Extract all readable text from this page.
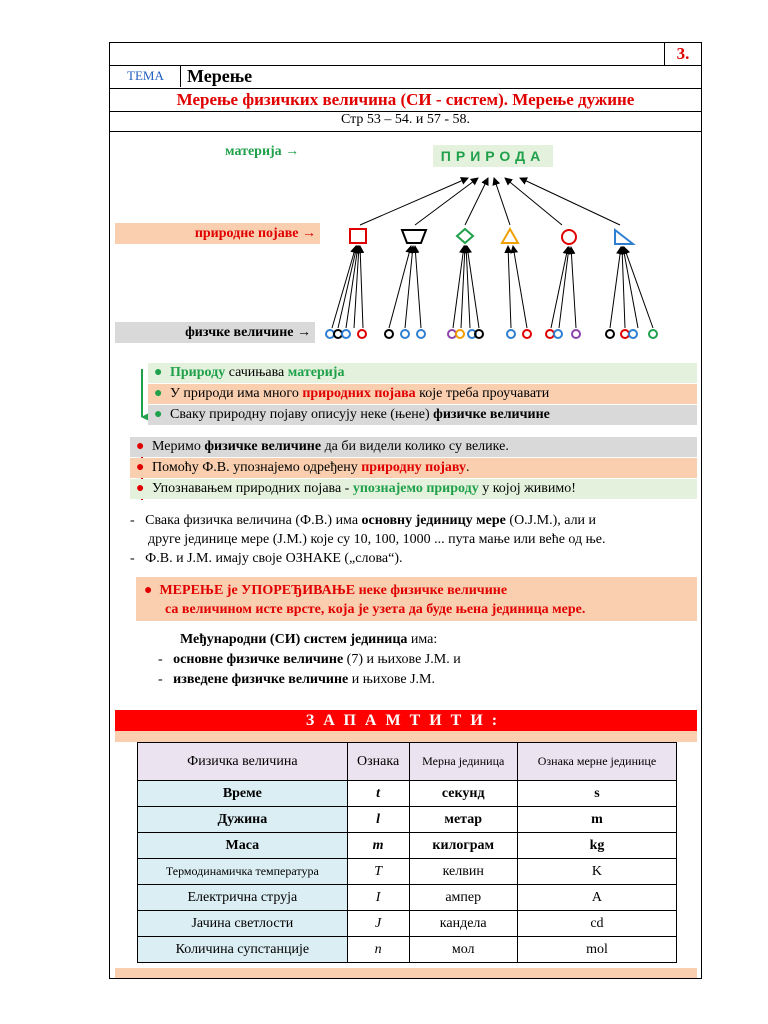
3.
ТЕМА Мерење
Мерење физичких величина (СИ - систем). Мерење дужине
Стр 53 – 54. и 57 - 58.
материја →
природне појаве →
физчке величине →
ПРИРОДА
● Природу сачињава материја
● У природи има много природних појава које треба проучавати
● Сваку природну појаву описују неке (њене) физичке величине
● Меримо физичке величине да би видели колико су велике.
● Помоћу Ф.В. упознајемо одређену природну појаву.
● Упознавањем природних појава - упознајемо природу у којој живимо!
-   Свака физичка величина (Ф.В.) има основну јединицу мере (О.Ј.М.), али и
друге јединице мере (Ј.М.) које су 10, 100, 1000 ... пута мање или веће од ње.
-   Ф.В. и Ј.М. имају своје ОЗНАКЕ („слова“).
●  МЕРЕЊЕ је УПОРЕЂИВАЊЕ неке физичке величине
са величином исте врсте, која је узета да буде њена јединица мере.
Међународни (СИ) систем јединица има:
-   основне физичке величине (7) и њихове Ј.М. и
-   изведене физичке величине и њихове Ј.М.
ЗАПАМТИТИ:
Физичка величина	Ознака	Мерна јединица	Ознака мерне јединице
Време	t	секунд	s
Дужина	l	метар	m
Маса	m	килограм	kg
Термодинамичка температура	T	келвин	K
Електрична струја	I	ампер	A
Јачина светлости	J	кандела	cd
Количина супстанције	n	мол	mol
